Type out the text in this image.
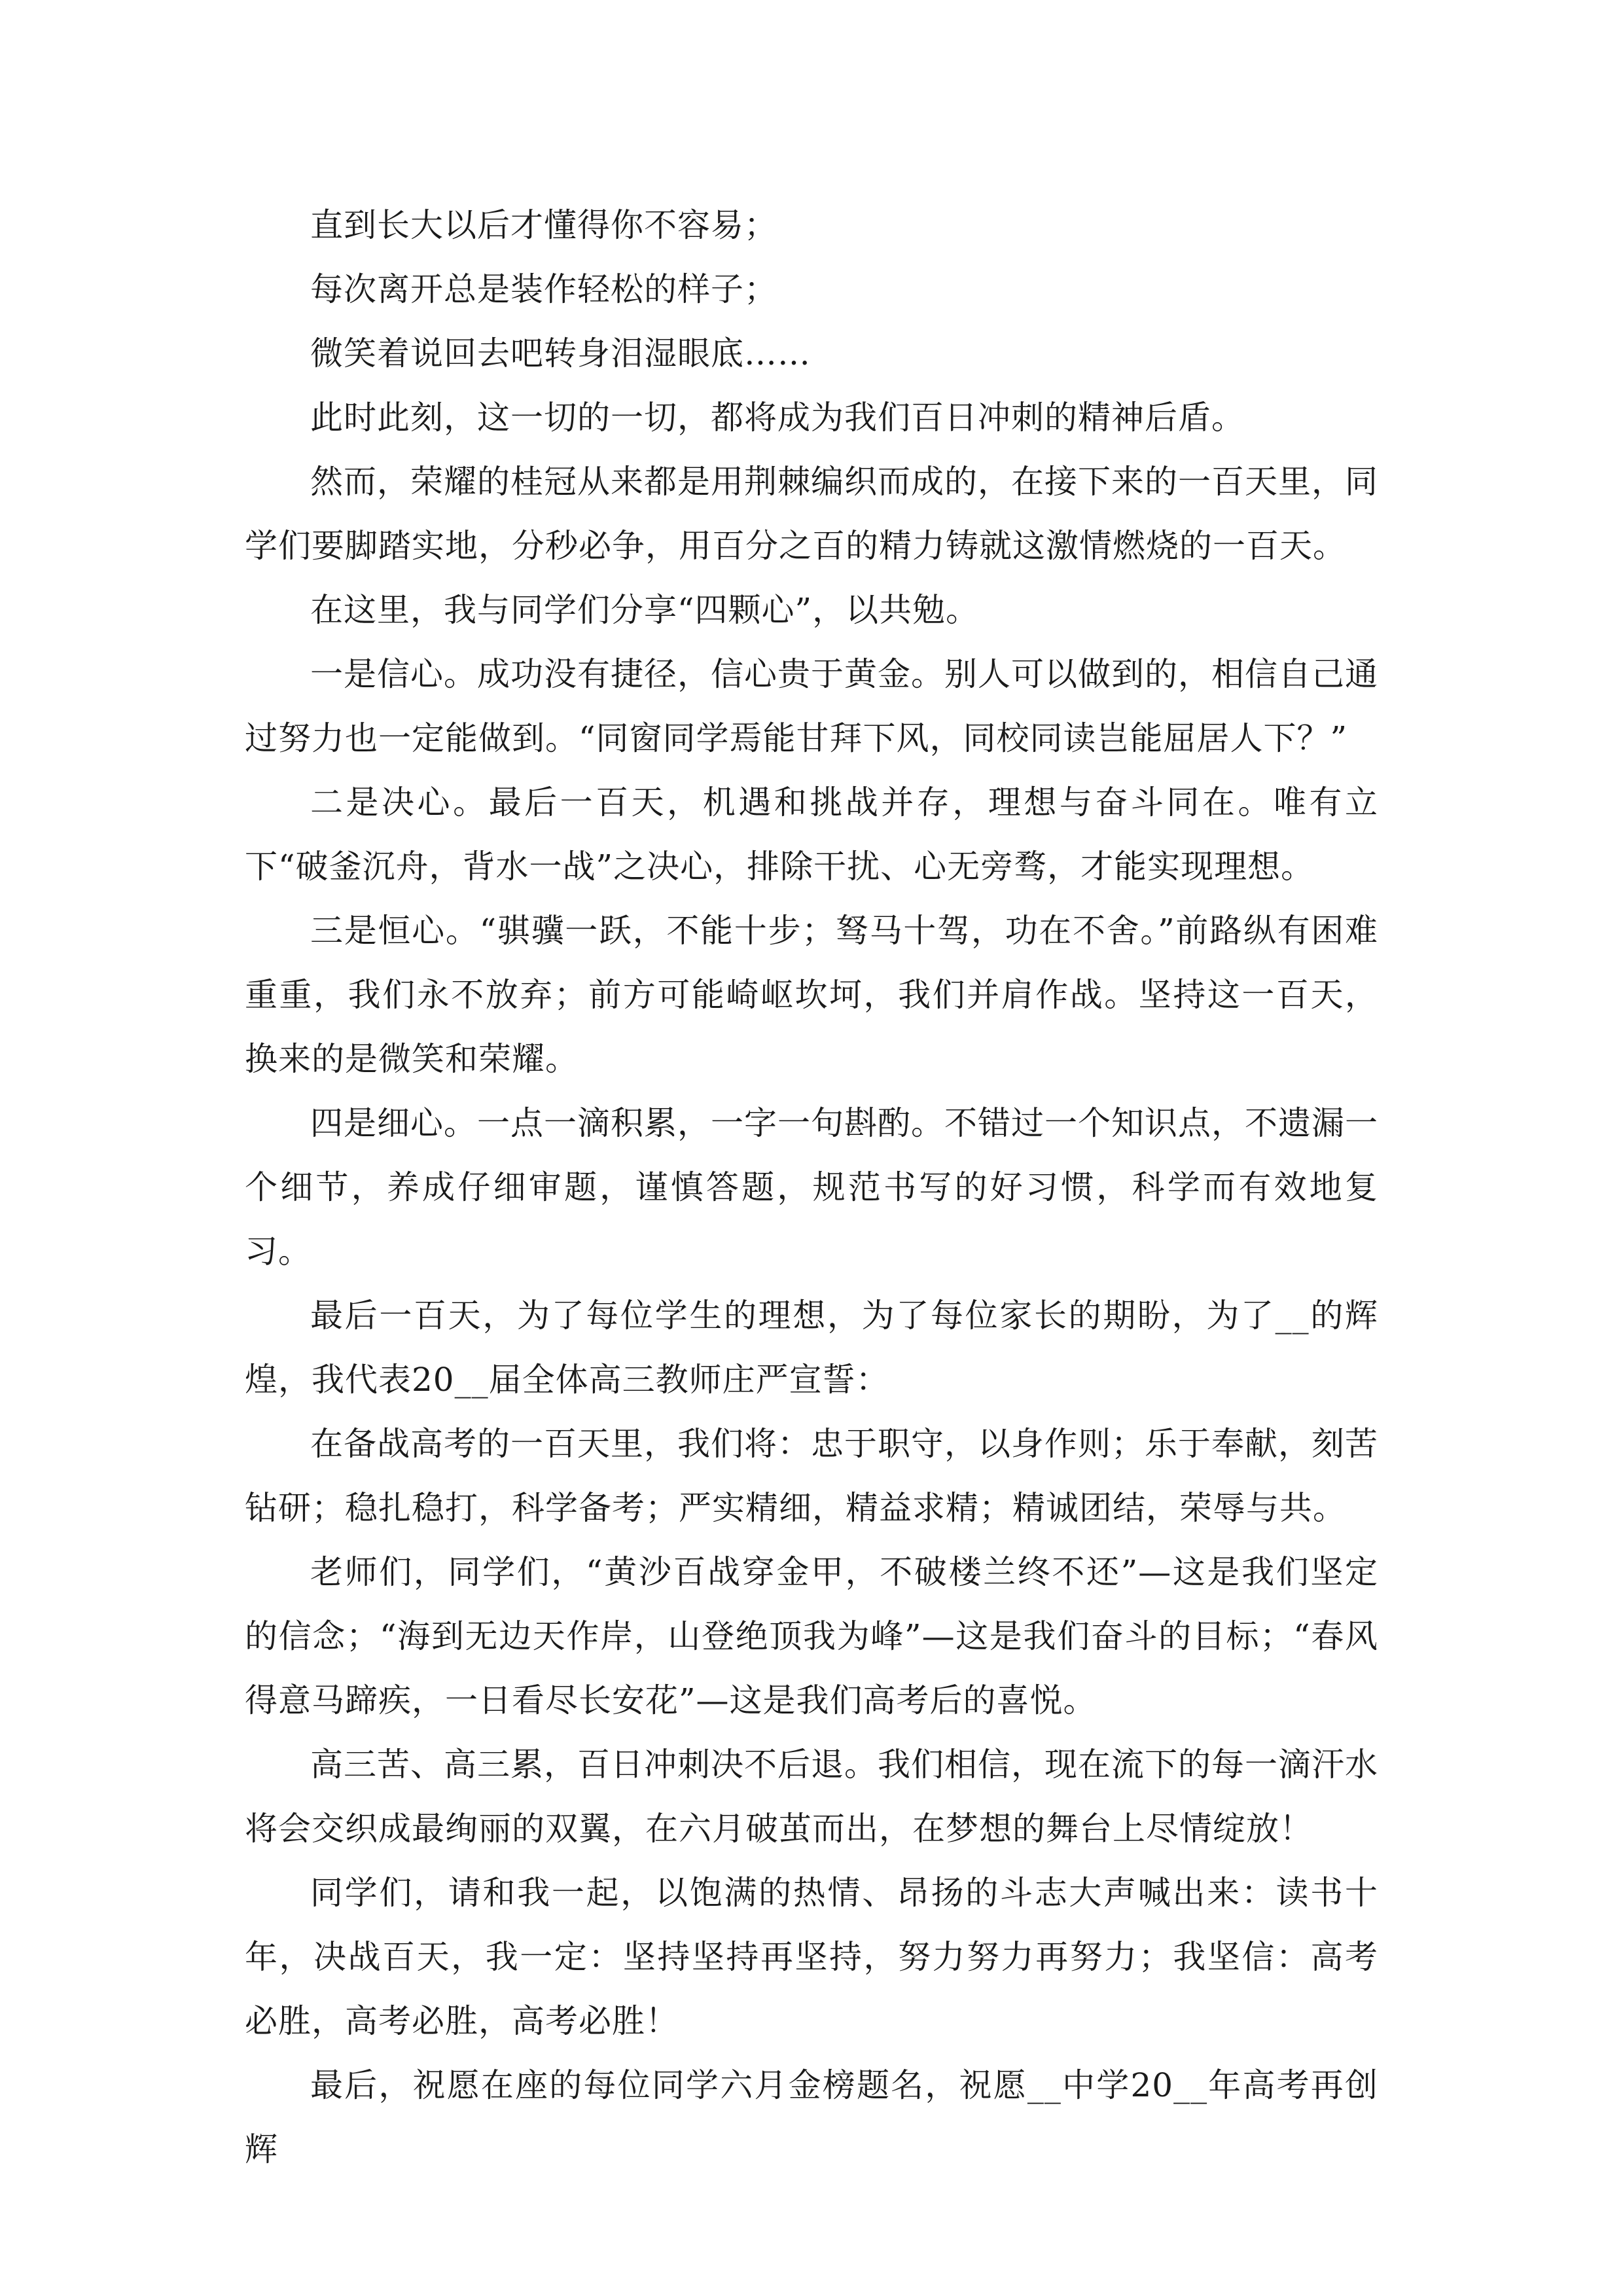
直到长大以后才懂得你不容易；

每次离开总是装作轻松的样子；

微笑着说回去吧转身泪湿眼底……

此时此刻，这一切的一切，都将成为我们百日冲刺的精神后盾。

然而，荣耀的桂冠从来都是用荆棘编织而成的，在接下来的一百天里，同学们要脚踏实地，分秒必争，用百分之百的精力铸就这激情燃烧的一百天。

在这里，我与同学们分享“四颗心”，以共勉。

一是信心。成功没有捷径，信心贵于黄金。别人可以做到的，相信自己通过努力也一定能做到。“同窗同学焉能甘拜下风，同校同读岂能屈居人下？”

二是决心。最后一百天，机遇和挑战并存，理想与奋斗同在。唯有立下“破釜沉舟，背水一战”之决心，排除干扰、心无旁骛，才能实现理想。

三是恒心。“骐骥一跃，不能十步；驽马十驾，功在不舍。”前路纵有困难重重，我们永不放弃；前方可能崎岖坎坷，我们并肩作战。坚持这一百天，换来的是微笑和荣耀。

四是细心。一点一滴积累，一字一句斟酌。不错过一个知识点，不遗漏一个细节，养成仔细审题，谨慎答题，规范书写的好习惯，科学而有效地复习。

最后一百天，为了每位学生的理想，为了每位家长的期盼，为了__的辉煌，我代表20__届全体高三教师庄严宣誓：

在备战高考的一百天里，我们将：忠于职守，以身作则；乐于奉献，刻苦钻研；稳扎稳打，科学备考；严实精细，精益求精；精诚团结，荣辱与共。

老师们，同学们，“黄沙百战穿金甲，不破楼兰终不还”—这是我们坚定的信念；“海到无边天作岸，山登绝顶我为峰”—这是我们奋斗的目标；“春风得意马蹄疾，一日看尽长安花”—这是我们高考后的喜悦。

高三苦、高三累，百日冲刺决不后退。我们相信，现在流下的每一滴汗水将会交织成最绚丽的双翼，在六月破茧而出，在梦想的舞台上尽情绽放！

同学们，请和我一起，以饱满的热情、昂扬的斗志大声喊出来：读书十年，决战百天，我一定：坚持坚持再坚持，努力努力再努力；我坚信：高考必胜，高考必胜，高考必胜！

最后，祝愿在座的每位同学六月金榜题名，祝愿__中学20__年高考再创辉
